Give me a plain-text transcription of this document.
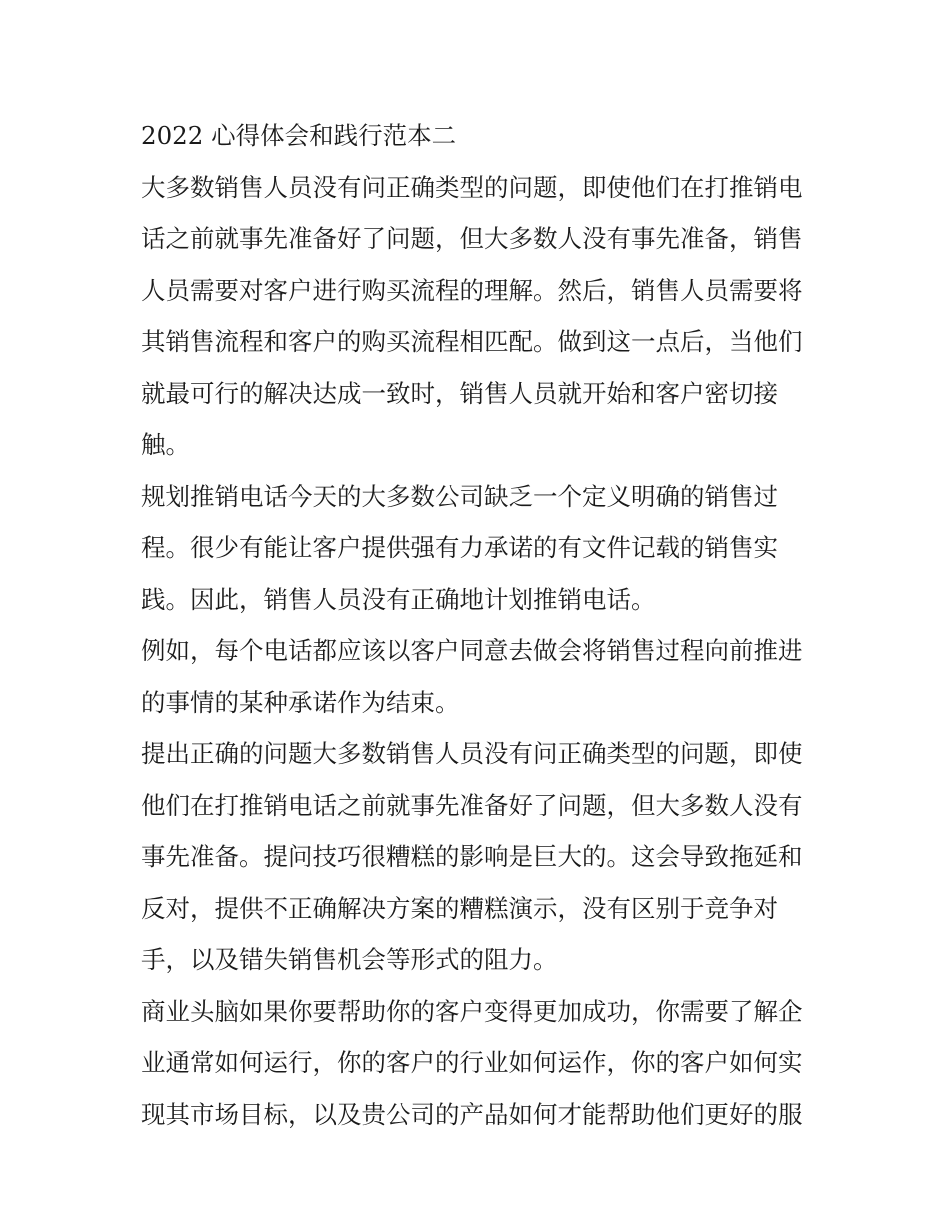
2022 心得体会和践行范本二

大多数销售人员没有问正确类型的问题，即使他们在打推销电
话之前就事先准备好了问题，但大多数人没有事先准备，销售
人员需要对客户进行购买流程的理解。然后，销售人员需要将
其销售流程和客户的购买流程相匹配。做到这一点后，当他们
就最可行的解决达成一致时，销售人员就开始和客户密切接
触。

规划推销电话今天的大多数公司缺乏一个定义明确的销售过
程。很少有能让客户提供强有力承诺的有文件记载的销售实
践。因此，销售人员没有正确地计划推销电话。

例如，每个电话都应该以客户同意去做会将销售过程向前推进
的事情的某种承诺作为结束。

提出正确的问题大多数销售人员没有问正确类型的问题，即使
他们在打推销电话之前就事先准备好了问题，但大多数人没有
事先准备。提问技巧很糟糕的影响是巨大的。这会导致拖延和
反对，提供不正确解决方案的糟糕演示，没有区别于竞争对
手，以及错失销售机会等形式的阻力。

商业头脑如果你要帮助你的客户变得更加成功，你需要了解企
业通常如何运行，你的客户的行业如何运作，你的客户如何实
现其市场目标，以及贵公司的产品如何才能帮助他们更好的服
